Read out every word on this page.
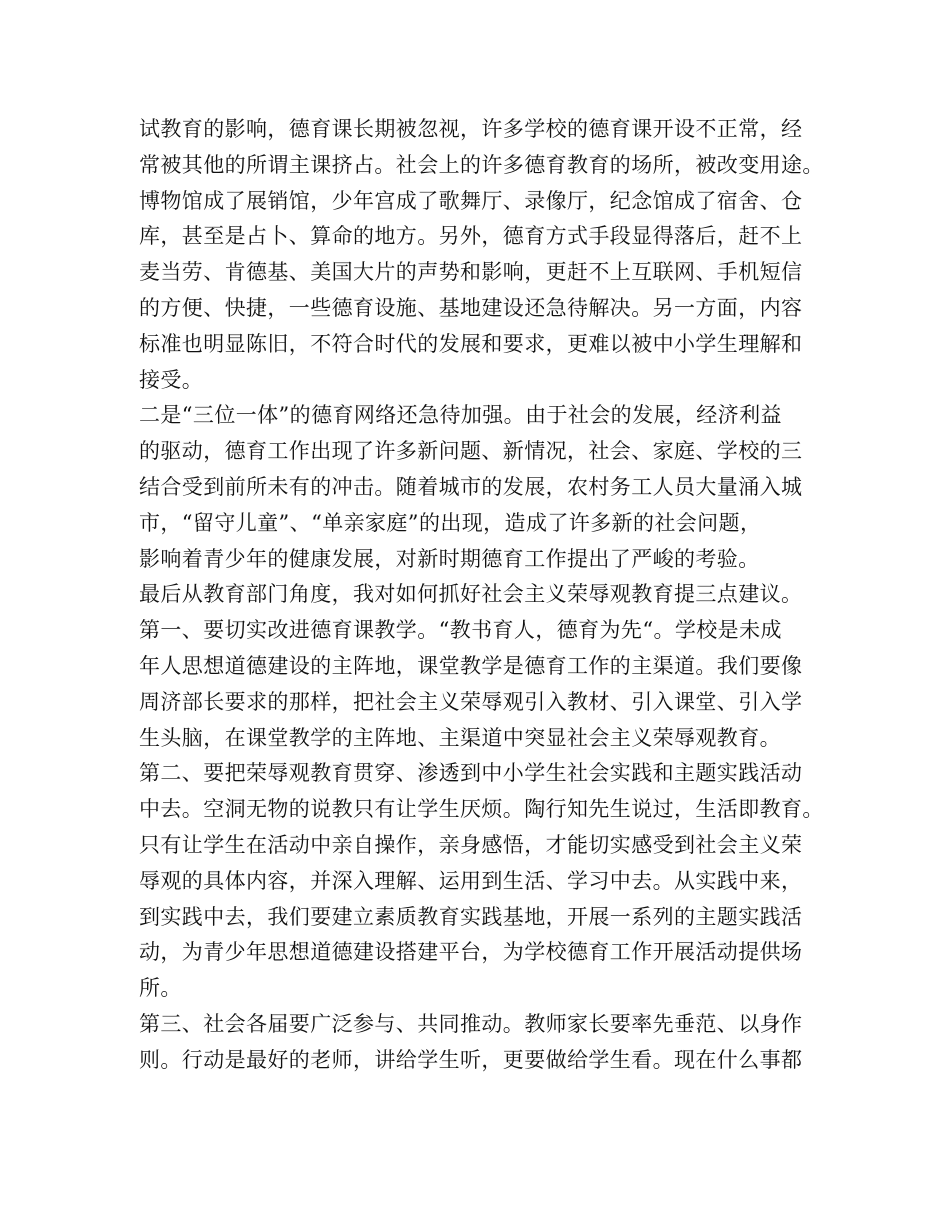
试教育的影响，德育课长期被忽视，许多学校的德育课开设不正常，经
常被其他的所谓主课挤占。社会上的许多德育教育的场所，被改变用途。
博物馆成了展销馆，少年宫成了歌舞厅、录像厅，纪念馆成了宿舍、仓
库，甚至是占卜、算命的地方。另外，德育方式手段显得落后，赶不上
麦当劳、肯德基、美国大片的声势和影响，更赶不上互联网、手机短信
的方便、快捷，一些德育设施、基地建设还急待解决。另一方面，内容
标准也明显陈旧，不符合时代的发展和要求，更难以被中小学生理解和
接受。
二是“三位一体”的德育网络还急待加强。由于社会的发展，经济利益
的驱动，德育工作出现了许多新问题、新情况，社会、家庭、学校的三
结合受到前所未有的冲击。随着城市的发展，农村务工人员大量涌入城
市，“留守儿童”、“单亲家庭”的出现，造成了许多新的社会问题，
影响着青少年的健康发展，对新时期德育工作提出了严峻的考验。
最后从教育部门角度，我对如何抓好社会主义荣辱观教育提三点建议。
第一、要切实改进德育课教学。“教书育人，德育为先“。学校是未成
年人思想道德建设的主阵地，课堂教学是德育工作的主渠道。我们要像
周济部长要求的那样，把社会主义荣辱观引入教材、引入课堂、引入学
生头脑，在课堂教学的主阵地、主渠道中突显社会主义荣辱观教育。
第二、要把荣辱观教育贯穿、渗透到中小学生社会实践和主题实践活动
中去。空洞无物的说教只有让学生厌烦。陶行知先生说过，生活即教育。
只有让学生在活动中亲自操作，亲身感悟，才能切实感受到社会主义荣
辱观的具体内容，并深入理解、运用到生活、学习中去。从实践中来，
到实践中去，我们要建立素质教育实践基地，开展一系列的主题实践活
动，为青少年思想道德建设搭建平台，为学校德育工作开展活动提供场
所。
第三、社会各届要广泛参与、共同推动。教师家长要率先垂范、以身作
则。行动是最好的老师，讲给学生听，更要做给学生看。现在什么事都
